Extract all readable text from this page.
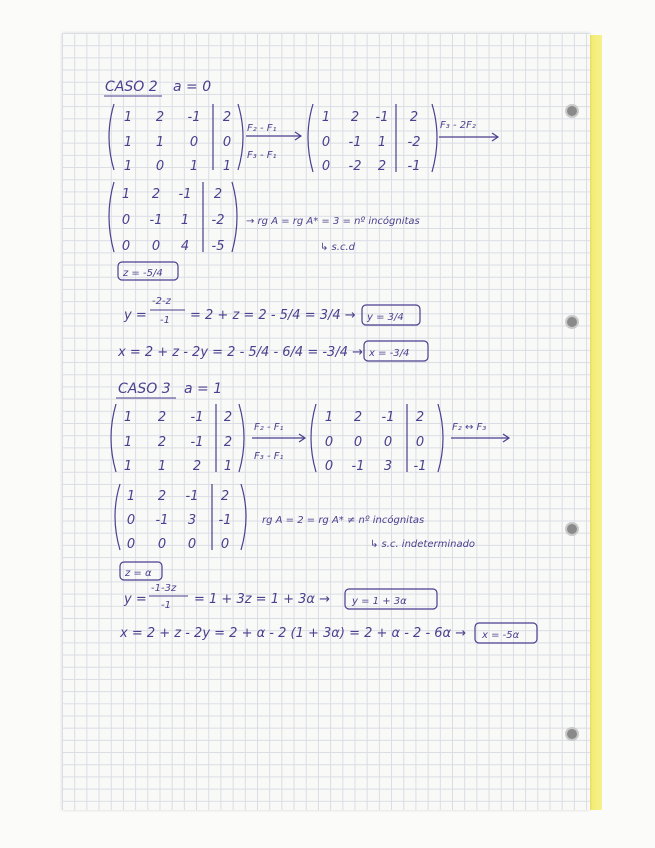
CASO 2 a = 0
1 2 -1 2
1 1 0 0
1 0 1 1
F₂ - F₁
F₃ - F₁
1 2 -1 2
0 -1 1 -2
0 -2 2 -1
F₃ - 2F₂
1 2 -1 2
0 -1 1 -2
0 0 4 -5
→ rg A = rg A* = 3 = nº incógnitas
↳ s.c.d
z = -5/4
y =
-2-z
-1 = 2 + z = 2 - 5/4 = 3/4 → y = 3/4
x = 2 + z - 2y = 2 - 5/4 - 6/4 = -3/4 → x = -3/4
CASO 3 a = 1
1 2 -1 2
1 2 -1 2
1 1 2 1
F₂ - F₁
F₃ - F₁
1 2 -1 2
0 0 0 0
0 -1 3 -1
F₂ ↔ F₃
1 2 -1 2
0 -1 3 -1
0 0 0 0
rg A = 2 = rg A* ≠ nº incógnitas
↳ s.c. indeterminado
z = α
y =
-1-3z
-1 = 1 + 3z = 1 + 3α → y = 1 + 3α
x = 2 + z - 2y = 2 + α - 2 (1 + 3α) = 2 + α - 2 - 6α → x = -5α
